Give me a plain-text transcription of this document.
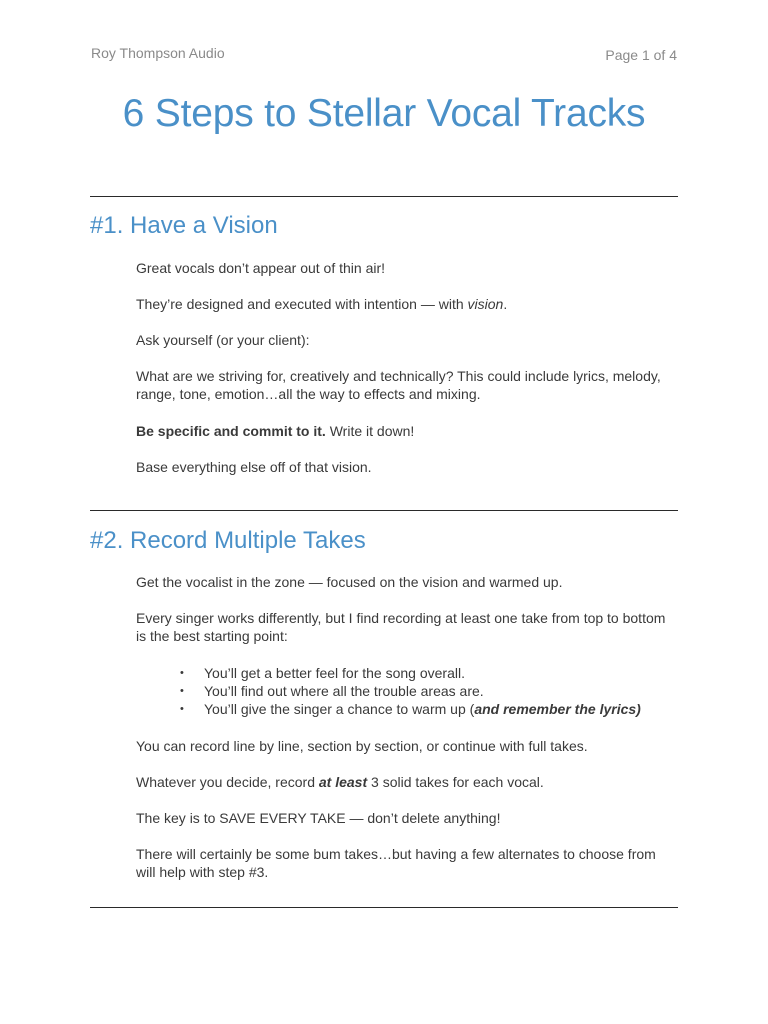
Roy Thompson Audio	Page 1 of 4
6 Steps to Stellar Vocal Tracks
#1. Have a Vision
Great vocals don’t appear out of thin air!
They’re designed and executed with intention — with vision.
Ask yourself (or your client):
What are we striving for, creatively and technically? This could include lyrics, melody, range, tone, emotion…all the way to effects and mixing.
Be specific and commit to it. Write it down!
Base everything else off of that vision.
#2. Record Multiple Takes
Get the vocalist in the zone — focused on the vision and warmed up.
Every singer works differently, but I find recording at least one take from top to bottom is the best starting point:
• You’ll get a better feel for the song overall.
• You’ll find out where all the trouble areas are.
• You’ll give the singer a chance to warm up (and remember the lyrics)
You can record line by line, section by section, or continue with full takes.
Whatever you decide, record at least 3 solid takes for each vocal.
The key is to SAVE EVERY TAKE — don’t delete anything!
There will certainly be some bum takes…but having a few alternates to choose from will help with step #3.
